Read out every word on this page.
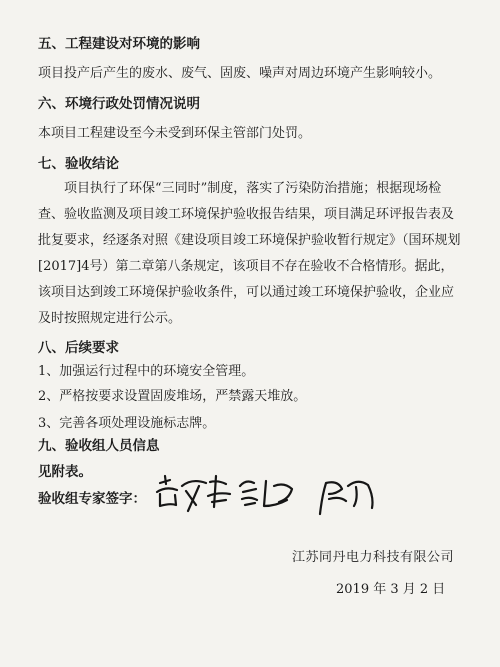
五、工程建设对环境的影响
项目投产后产生的废水、废气、固废、噪声对周边环境产生影响较小。
六、环境行政处罚情况说明
本项目工程建设至今未受到环保主管部门处罚。
七、验收结论
项目执行了环保“三同时”制度，落实了污染防治措施；根据现场检查、验收监测及项目竣工环境保护验收报告结果，项目满足环评报告表及批复要求，经逐条对照《建设项目竣工环境保护验收暂行规定》（国环规划[2017]4号）第二章第八条规定，该项目不存在验收不合格情形。据此，该项目达到竣工环境保护验收条件，可以通过竣工环境保护验收，企业应及时按照规定进行公示。
八、后续要求
1、加强运行过程中的环境安全管理。
2、严格按要求设置固废堆场，严禁露天堆放。
3、完善各项处理设施标志牌。
九、验收组人员信息
见附表。
验收组专家签字：
江苏同丹电力科技有限公司
2019 年 3 月 2 日
